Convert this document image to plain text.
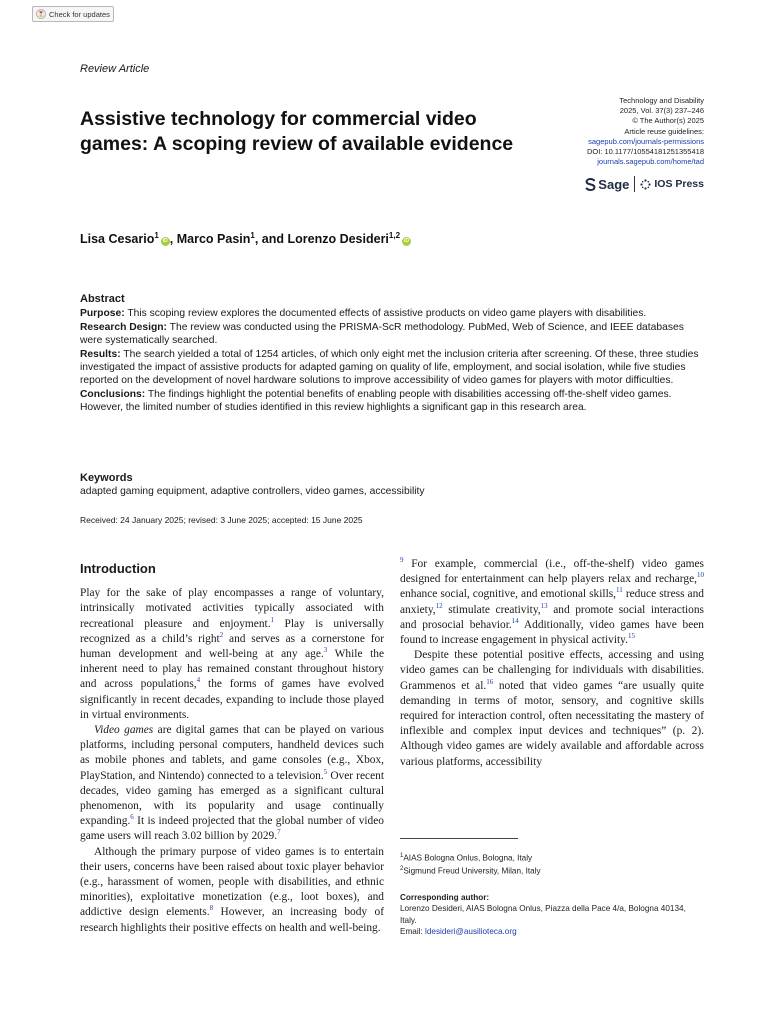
Check for updates
Review Article
Assistive technology for commercial video games: A scoping review of available evidence
Technology and Disability
2025, Vol. 37(3) 237–246
© The Author(s) 2025
Article reuse guidelines:
sagepub.com/journals-permissions
DOI: 10.1177/10554181251355418
journals.sagepub.com/home/tad
Sage IOS Press
Lisa Cesario$^1$iD , Marco Pasin$^1$, and Lorenzo Desideri$^{1,2}$iD
Abstract

Purpose: This scoping review explores the documented effects of assistive products on video game players with disabilities.

Research Design: The review was conducted using the PRISMA-ScR methodology. PubMed, Web of Science, and IEEE databases were systematically searched.

Results: The search yielded a total of 1254 articles, of which only eight met the inclusion criteria after screening. Of these, three studies investigated the impact of assistive products for adapted gaming on quality of life, employment, and social isolation, while five studies reported on the development of novel hardware solutions to improve accessibility of video games for players with motor difficulties.

Conclusions: The findings highlight the potential benefits of enabling people with disabilities accessing off-the-shelf video games. However, the limited number of studies identified in this review highlights a significant gap in this research area.

Keywords
adapted gaming equipment, adaptive controllers, video games, accessibility
Received: 24 January 2025; revised: 3 June 2025; accepted: 15 June 2025
Introduction

Play for the sake of play encompasses a range of voluntary, intrinsically motivated activities typically associated with recreational pleasure and enjoyment.$^1$ Play is universally recognized as a child’s right$^2$ and serves as a cornerstone for human development and well-being at any age.$^3$ While the inherent need to play has remained constant throughout history and across populations,$^4$ the forms of games have evolved significantly in recent decades, expanding to include those played in virtual environments.

Video games are digital games that can be played on various platforms, including personal computers, handheld devices such as mobile phones and tablets, and game consoles (e.g., Xbox, PlayStation, and Nintendo) connected to a television.$^5$ Over recent decades, video gaming has emerged as a significant cultural phenomenon, with its popularity and usage continually expanding.$^6$ It is indeed projected that the global number of video game users will reach 3.02 billion by 2029.$^7$

Although the primary purpose of video games is to entertain their users, concerns have been raised about toxic player behavior (e.g., harassment of women, people with disabilities, and ethnic minorities), exploitative monetization (e.g., loot boxes), and addictive design elements.$^8$ However, an increasing body of research highlights their positive effects on health and well-being.

$^9$ For example, commercial (i.e., off-the-shelf) video games designed for entertainment can help players relax and recharge,$^{10}$ enhance social, cognitive, and emotional skills,$^{11}$ reduce stress and anxiety,$^{12}$ stimulate creativity,$^{13}$ and promote social interactions and prosocial behavior.$^{14}$ Additionally, video games have been found to increase engagement in physical activity.$^{15}$

Despite these potential positive effects, accessing and using video games can be challenging for individuals with disabilities. Grammenos et al.$^{16}$ noted that video games “are usually quite demanding in terms of motor, sensory, and cognitive skills required for interaction control, often necessitating the mastery of inflexible and complex input devices and techniques” (p. 2). Although video games are widely available and affordable across various platforms, accessibility

$^1$AIAS Bologna Onlus, Bologna, Italy
$^2$Sigmund Freud University, Milan, Italy
Corresponding author:
Lorenzo Desideri, AIAS Bologna Onlus, Piazza della Pace 4/a, Bologna 40134, Italy.
Email: ldesideri@ausilioteca.org
